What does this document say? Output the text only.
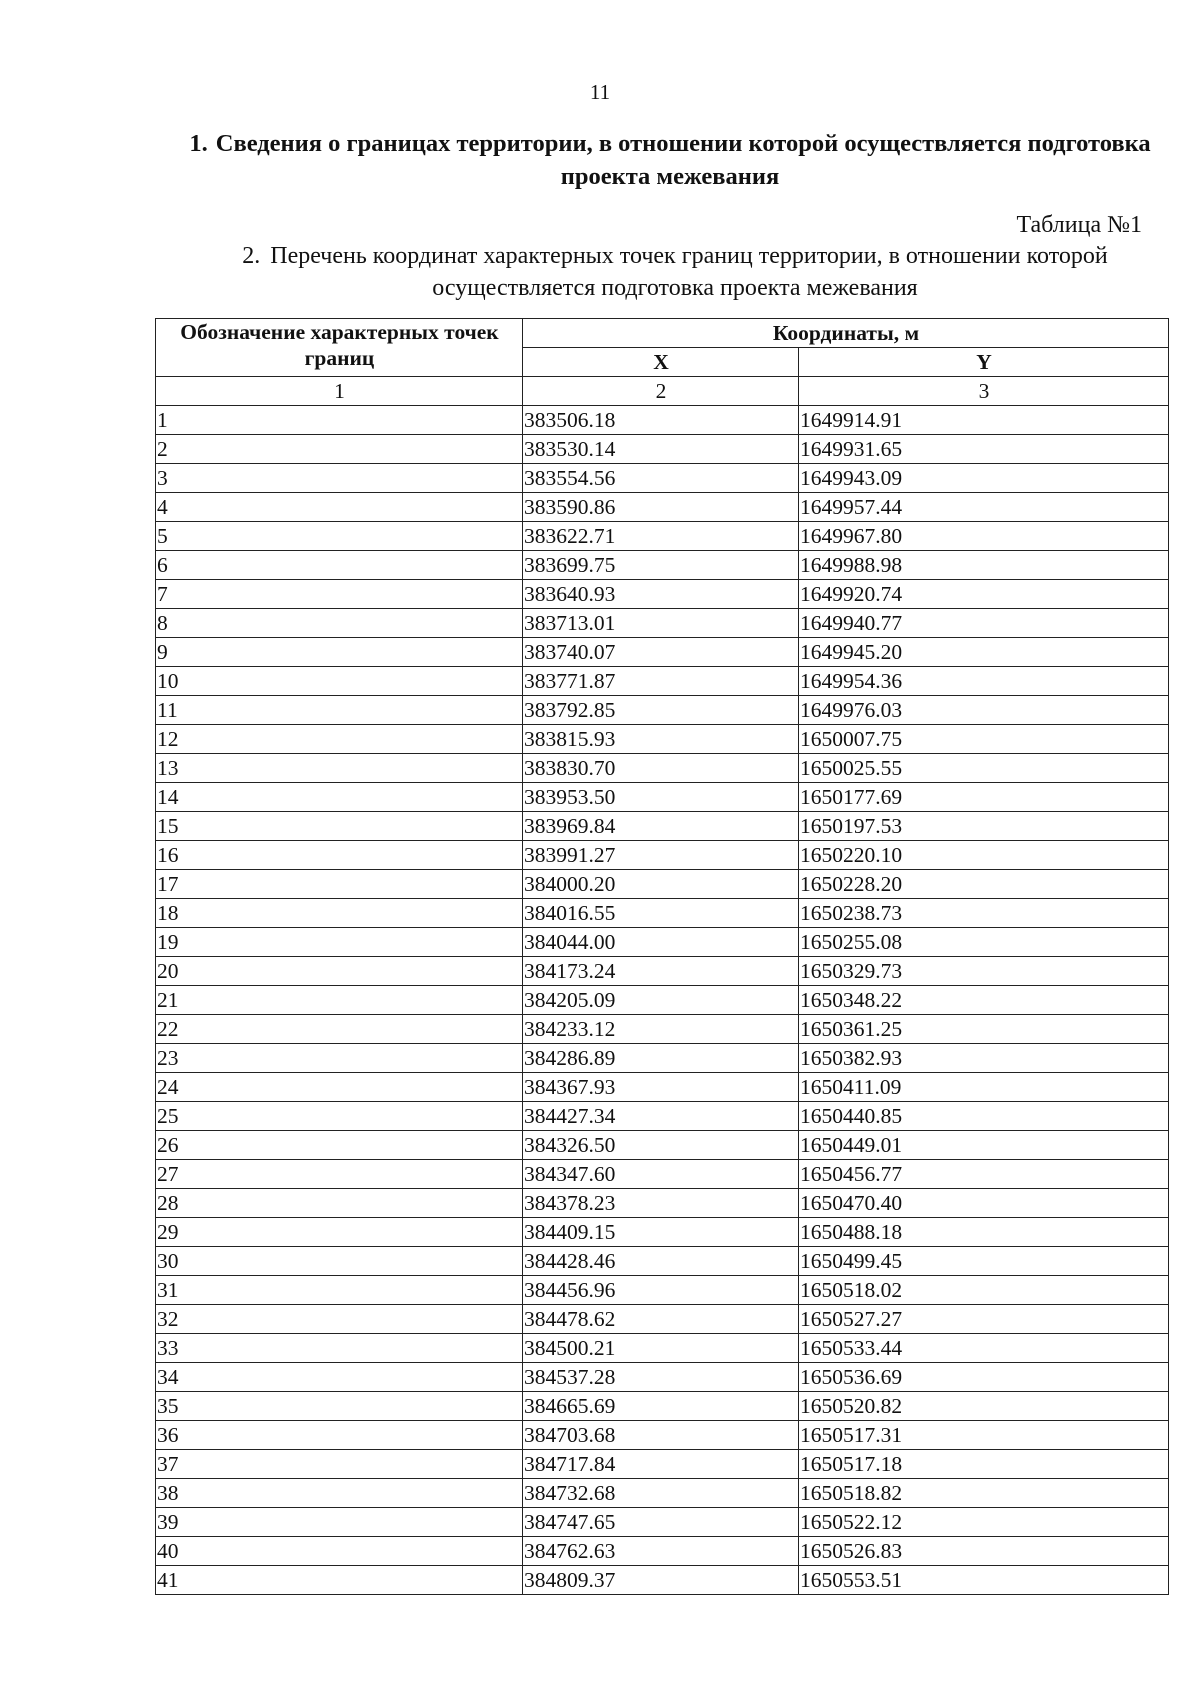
11
1. Сведения о границах территории, в отношении которой осуществляется подготовка проекта межевания
Таблица №1
2. Перечень координат характерных точек границ территории, в отношении которой осуществляется подготовка проекта межевания
Обозначение характерных точек границ	Координаты, м	
	X	Y
1	2	3
1	383506.18	1649914.91
2	383530.14	1649931.65
3	383554.56	1649943.09
4	383590.86	1649957.44
5	383622.71	1649967.80
6	383699.75	1649988.98
7	383640.93	1649920.74
8	383713.01	1649940.77
9	383740.07	1649945.20
10	383771.87	1649954.36
11	383792.85	1649976.03
12	383815.93	1650007.75
13	383830.70	1650025.55
14	383953.50	1650177.69
15	383969.84	1650197.53
16	383991.27	1650220.10
17	384000.20	1650228.20
18	384016.55	1650238.73
19	384044.00	1650255.08
20	384173.24	1650329.73
21	384205.09	1650348.22
22	384233.12	1650361.25
23	384286.89	1650382.93
24	384367.93	1650411.09
25	384427.34	1650440.85
26	384326.50	1650449.01
27	384347.60	1650456.77
28	384378.23	1650470.40
29	384409.15	1650488.18
30	384428.46	1650499.45
31	384456.96	1650518.02
32	384478.62	1650527.27
33	384500.21	1650533.44
34	384537.28	1650536.69
35	384665.69	1650520.82
36	384703.68	1650517.31
37	384717.84	1650517.18
38	384732.68	1650518.82
39	384747.65	1650522.12
40	384762.63	1650526.83
41	384809.37	1650553.51
